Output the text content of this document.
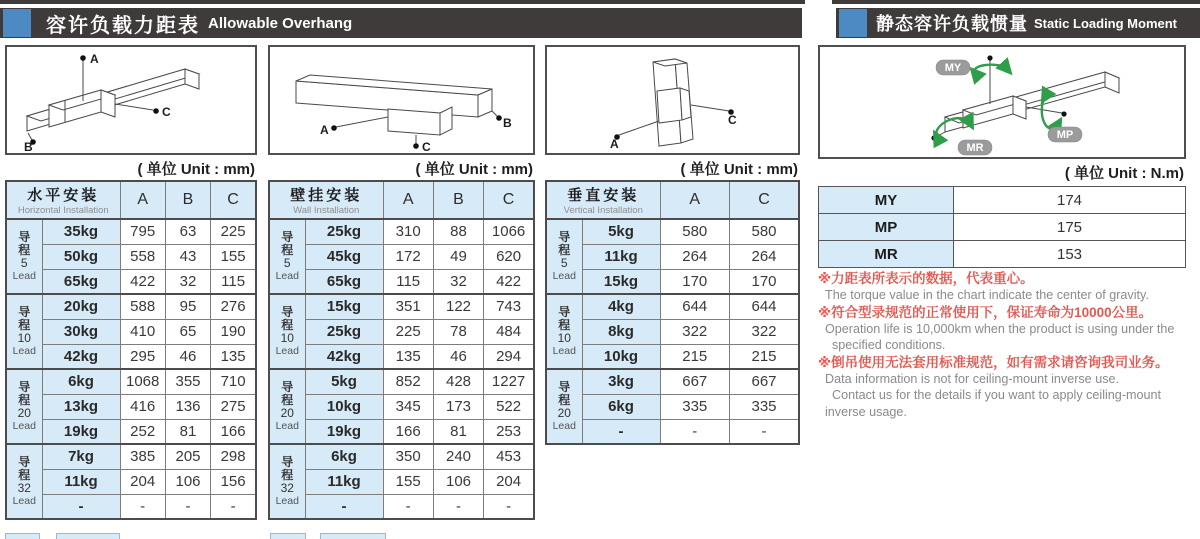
容许负载力距表 Allowable Overhang	静态容许负载惯量 Static Loading Moment
A
C
B
( 单位 Unit : mm)
水平安装
Horizontal Installation		A	B	C

导
程
5
Lead	35kg	795	63	225
	50kg	558	43	155
	65kg	422	32	115

导
程
10
Lead	20kg	588	95	276
	30kg	410	65	190
	42kg	295	46	135

导
程
20
Lead	6kg	1068	355	710
	13kg	416	136	275
	19kg	252	81	166

导
程
32
Lead	7kg	385	205	298
	11kg	204	106	156
	-	-	-	-
A	B
C
( 单位 Unit : mm)
壁挂安装
Wall Installation		A	B	C

导
程
5
Lead	25kg	310	88	1066
	45kg	172	49	620
	65kg	115	32	422

导
程
10
Lead	15kg	351	122	743
	25kg	225	78	484
	42kg	135	46	294

导
程
20
Lead	5kg	852	428	1227
	10kg	345	173	522
	19kg	166	81	253

导
程
32
Lead	6kg	350	240	453
	11kg	155	106	204
	-	-	-	-
A
C
( 单位 Unit : mm)
垂直安装
Vertical Installation		A	C

导
程
5
Lead	5kg	580	580
	11kg	264	264
	15kg	170	170

导
程
10
Lead	4kg	644	644
	8kg	322	322
	10kg	215	215

导
程
20
Lead	3kg	667	667
	6kg	335	335
	-	-	-
MY
MP
MR
( 单位 Unit : N.m)
MY	174
MP	175
MR	153
※力距表所表示的数据，代表重心。
The torque value in the chart indicate the center of gravity.
※符合型录规范的正常使用下，保证寿命为10000公里。
Operation life is 10,000km when the product is using under the
specified conditions.
※倒吊使用无法套用标准规范，如有需求请咨询我司业务。
Data information is not for ceiling-mount inverse use.
Contact us for the details if you want to apply ceiling-mount
inverse usage.
